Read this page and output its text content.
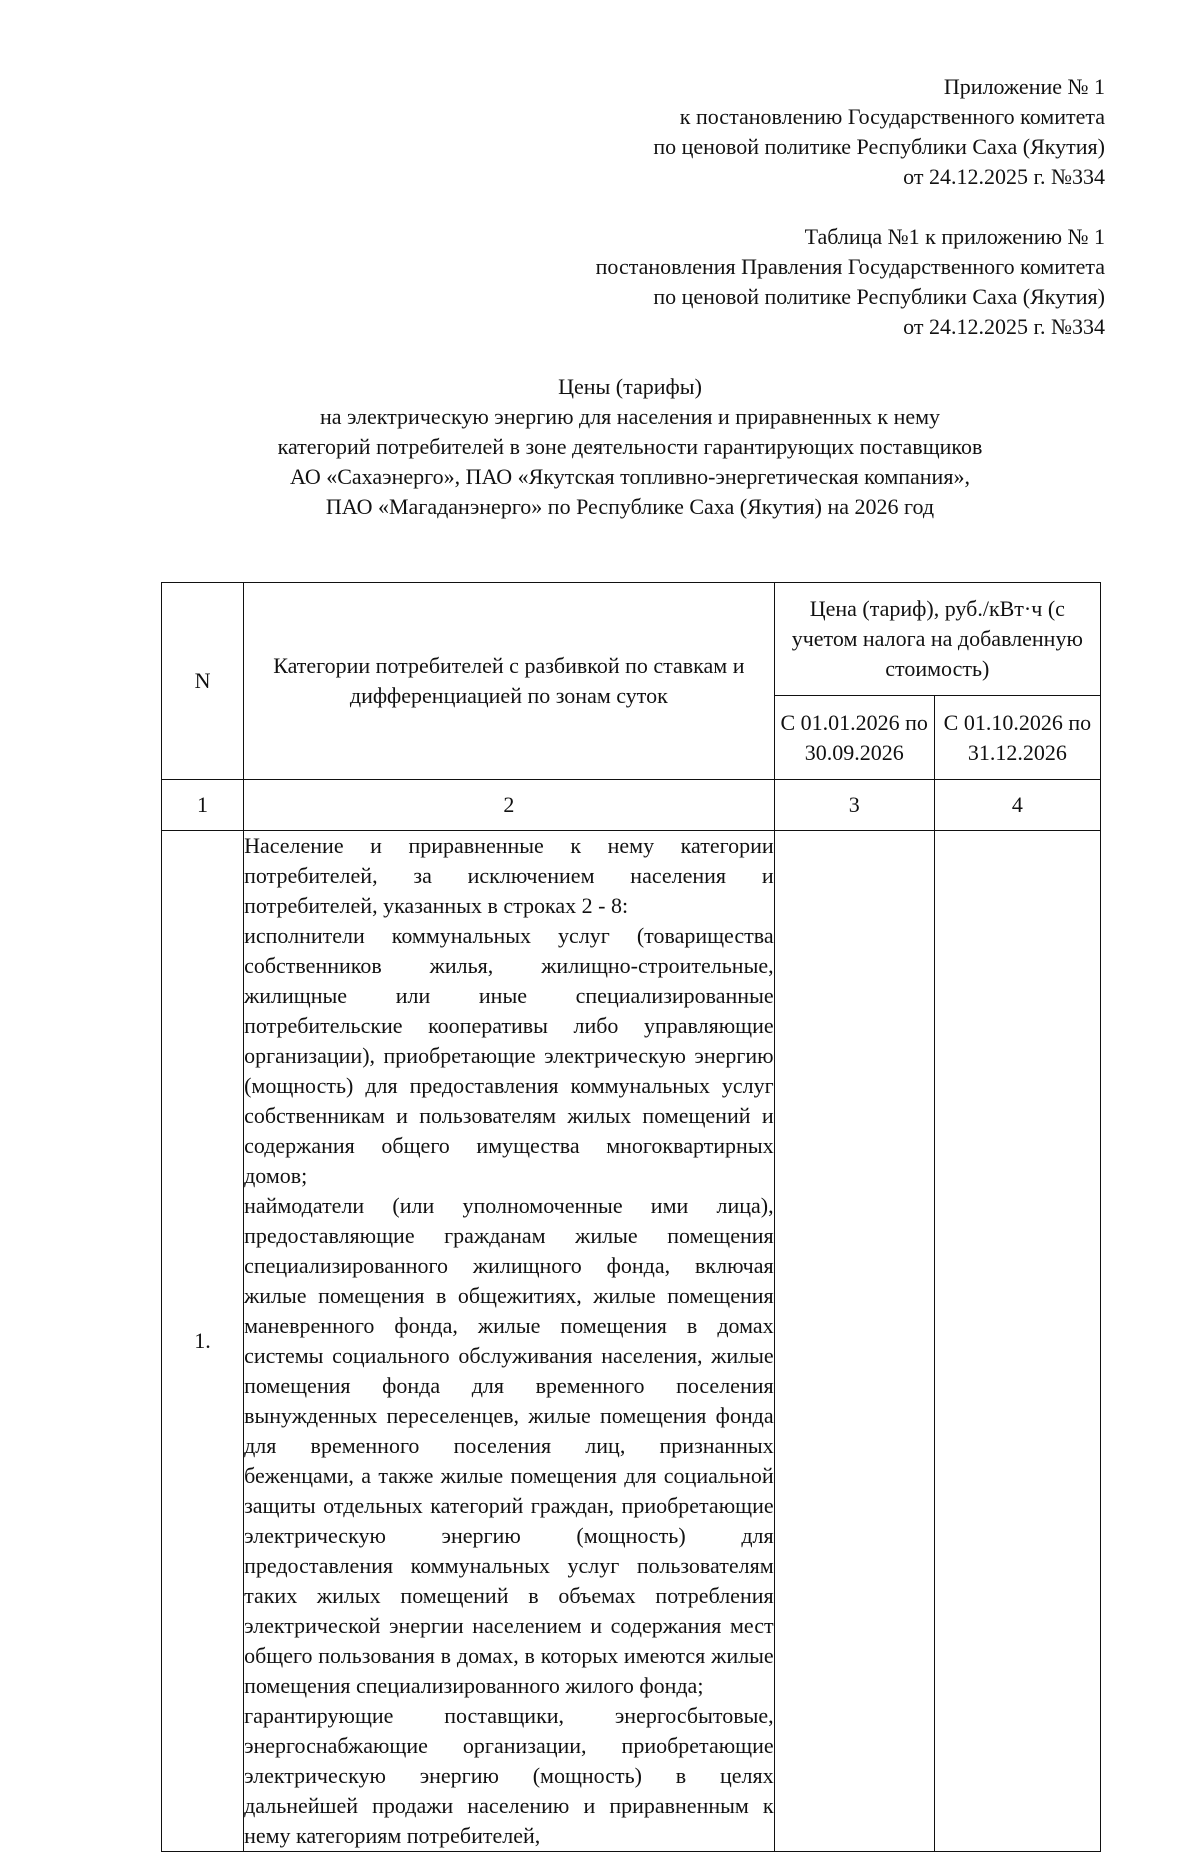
Приложение № 1
к постановлению Государственного комитета
по ценовой политике Республики Саха (Якутия)
от 24.12.2025 г. №334
Таблица №1 к приложению № 1
постановления Правления Государственного комитета
по ценовой политике Республики Саха (Якутия)
от 24.12.2025 г. №334
Цены (тарифы)
на электрическую энергию для населения и приравненных к нему
категорий потребителей в зоне деятельности гарантирующих поставщиков
АО «Сахаэнерго», ПАО «Якутская топливно-энергетическая компания»,
ПАО «Магаданэнерго» по Республике Саха (Якутия) на 2026 год
N	Категории потребителей с разбивкой по ставкам и дифференциацией по зонам суток	Цена (тариф), руб./кВт·ч (с учетом налога на добавленную стоимость)	
		С 01.01.2026 по 30.09.2026	С 01.10.2026 по 31.12.2026
1	2	3	4
1.	Население и приравненные к нему категории потребителей, за исключением населения и потребителей, указанных в строках 2 - 8:

исполнители коммунальных услуг (товарищества собственников жилья, жилищно-строительные, жилищные или иные специализированные потребительские кооперативы либо управляющие организации), приобретающие электрическую энергию (мощность) для предоставления коммунальных услуг собственникам и пользователям жилых помещений и содержания общего имущества многоквартирных домов;

наймодатели (или уполномоченные ими лица), предоставляющие гражданам жилые помещения специализированного жилищного фонда, включая жилые помещения в общежитиях, жилые помещения маневренного фонда, жилые помещения в домах системы социального обслуживания населения, жилые помещения фонда для временного поселения вынужденных переселенцев, жилые помещения фонда для временного поселения лиц, признанных беженцами, а также жилые помещения для социальной защиты отдельных категорий граждан, приобретающие электрическую энергию (мощность) для предоставления коммунальных услуг пользователям таких жилых помещений в объемах потребления электрической энергии населением и содержания мест общего пользования в домах, в которых имеются жилые помещения специализированного жилого фонда;

гарантирующие поставщики, энергосбытовые, энергоснабжающие организации, приобретающие электрическую энергию (мощность) в целях дальнейшей продажи населению и приравненным к нему категориям потребителей,		
